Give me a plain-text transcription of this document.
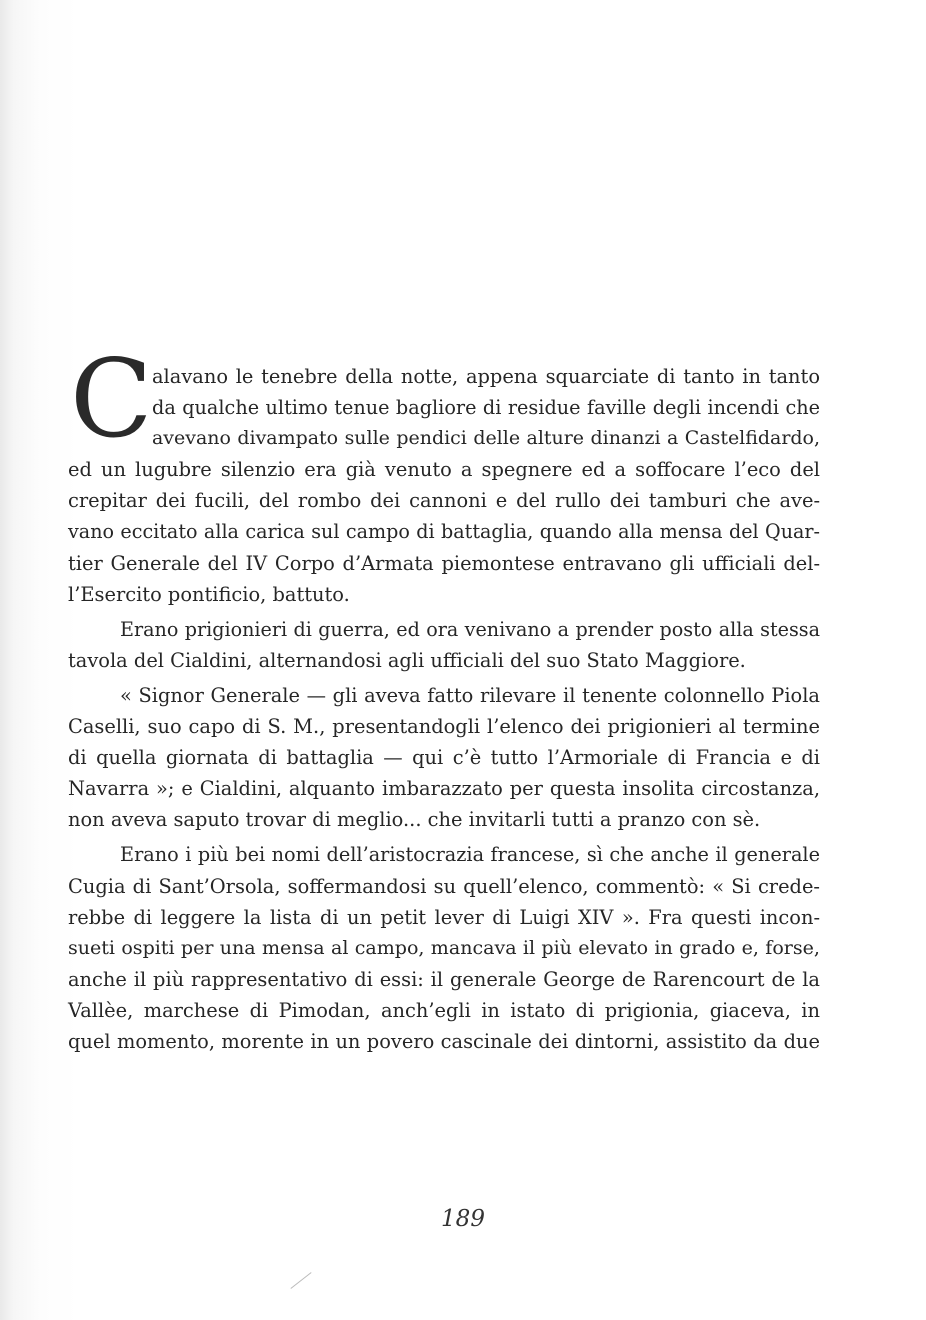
C alavano le tenebre della notte, appena squarciate di tanto in tanto
da qualche ultimo tenue bagliore di residue faville degli incendi che
avevano divampato sulle pendici delle alture dinanzi a Castelfidardo,
ed un lugubre silenzio era già venuto a spegnere ed a soffocare l’eco del
crepitar dei fucili, del rombo dei cannoni e del rullo dei tamburi che ave-
vano eccitato alla carica sul campo di battaglia, quando alla mensa del Quar-
tier Generale del IV Corpo d’Armata piemontese entravano gli ufficiali del-
l’Esercito pontificio, battuto.
Erano prigionieri di guerra, ed ora venivano a prender posto alla stessa
tavola del Cialdini, alternandosi agli ufficiali del suo Stato Maggiore.
« Signor Generale — gli aveva fatto rilevare il tenente colonnello Piola
Caselli, suo capo di S. M., presentandogli l’elenco dei prigionieri al termine
di quella giornata di battaglia — qui c’è tutto l’Armoriale di Francia e di
Navarra »; e Cialdini, alquanto imbarazzato per questa insolita circostanza,
non aveva saputo trovar di meglio... che invitarli tutti a pranzo con sè.
Erano i più bei nomi dell’aristocrazia francese, sì che anche il generale
Cugia di Sant’Orsola, soffermandosi su quell’elenco, commentò: « Si crede-
rebbe di leggere la lista di un petit lever di Luigi XIV ». Fra questi incon-
sueti ospiti per una mensa al campo, mancava il più elevato in grado e, forse,
anche il più rappresentativo di essi: il generale George de Rarencourt de la
Vallèe, marchese di Pimodan, anch’egli in istato di prigionia, giaceva, in
quel momento, morente in un povero cascinale dei dintorni, assistito da due
189
